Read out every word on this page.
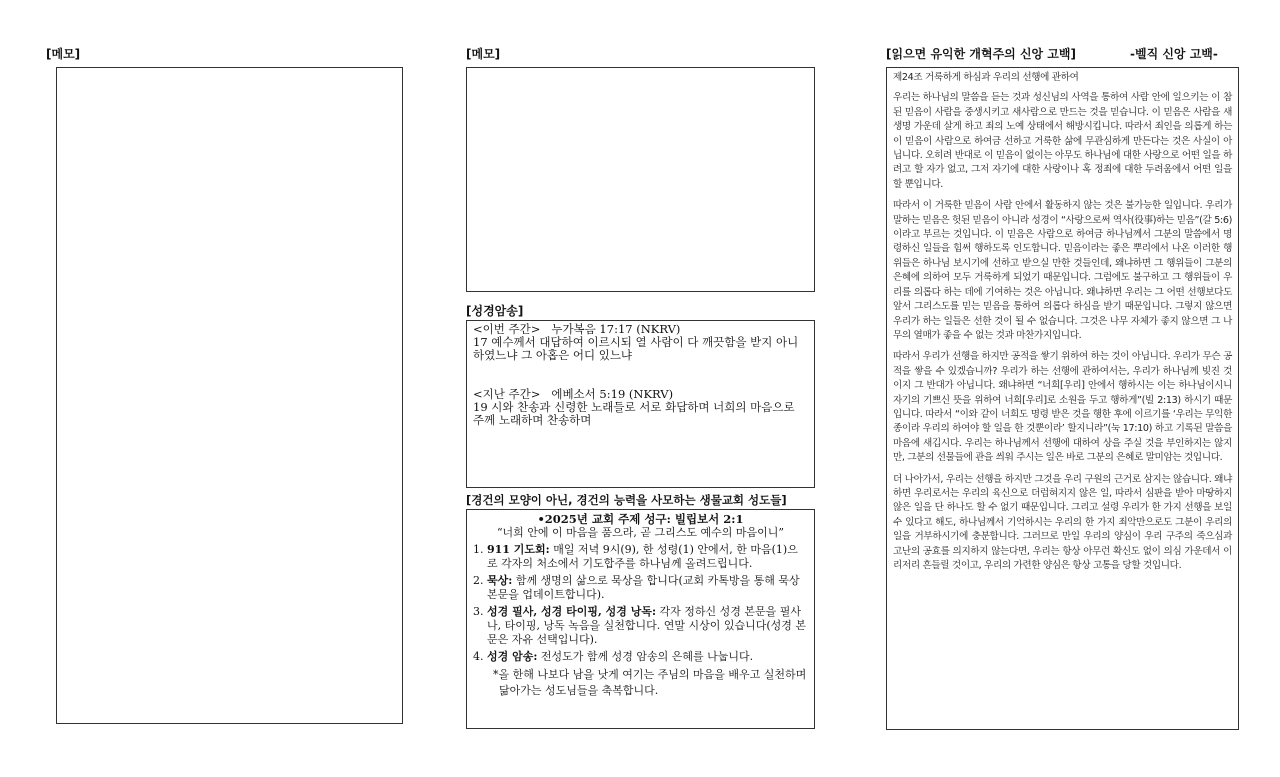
[메모]	[메모]
[성경암송]
<이번 주간> 누가복음 17:17 (NKRV)
17 예수께서 대답하여 이르시되 열 사람이 다 깨끗함을 받지 아니하였느냐 그 아홉은 어디 있느냐
<지난 주간> 에베소서 5:19 (NKRV)
19 시와 찬송과 신령한 노래들로 서로 화답하며 너희의 마음으로 주께 노래하며 찬송하며
[경건의 모양이 아닌, 경건의 능력을 사모하는 생물교회 성도들]
•2025년 교회 주제 성구: 빌립보서 2:1
“너희 안에 이 마음을 품으라, 곧 그리스도 예수의 마음이니”
1. 911 기도회: 매일 저녁 9시(9), 한 성령(1) 안에서, 한 마음(1)으로 각자의 처소에서 기도합주를 하나님께 올려드립니다.
2. 묵상: 함께 생명의 삶으로 묵상을 합니다(교회 카톡방을 통해 묵상 본문을 업데이트합니다).
3. 성경 필사, 성경 타이핑, 성경 낭독: 각자 정하신 성경 본문을 필사나, 타이핑, 낭독 녹음을 실천합니다. 연말 시상이 있습니다(성경 본문은 자유 선택입니다).
4. 성경 암송: 전성도가 함께 성경 암송의 은혜를 나눕니다.
*올 한해 나보다 남을 낫게 여기는 주님의 마음을 배우고 실천하며 닮아가는 성도님들을 축복합니다.
[읽으면 유익한 개혁주의 신앙 고백]	-벨직 신앙 고백-
제24조 거룩하게 하심과 우리의 선행에 관하여

우리는 하나님의 말씀을 듣는 것과 성신님의 사역을 통하여 사람 안에 일으키는 이 참된 믿음이 사람을 중생시키고 새사람으로 만드는 것을 믿습니다. 이 믿음은 사람을 새 생명 가운데 살게 하고 죄의 노예 상태에서 해방시킵니다. 따라서 죄인을 의롭게 하는 이 믿음이 사람으로 하여금 선하고 거룩한 삶에 무관심하게 만든다는 것은 사실이 아닙니다. 오히려 반대로 이 믿음이 없이는 아무도 하나님에 대한 사랑으로 어떤 일을 하려고 할 자가 없고, 그저 자기에 대한 사랑이나 혹 정죄에 대한 두려움에서 어떤 일을 할 뿐입니다.

따라서 이 거룩한 믿음이 사람 안에서 활동하지 않는 것은 불가능한 일입니다. 우리가 말하는 믿음은 헛된 믿음이 아니라 성경이 “사랑으로써 역사(役事)하는 믿음”(갈 5:6)이라고 부르는 것입니다. 이 믿음은 사람으로 하여금 하나님께서 그분의 말씀에서 명령하신 일들을 힘써 행하도록 인도합니다. 믿음이라는 좋은 뿌리에서 나온 이러한 행위들은 하나님 보시기에 선하고 받으실 만한 것들인데, 왜냐하면 그 행위들이 그분의 은혜에 의하여 모두 거룩하게 되었기 때문입니다. 그럼에도 불구하고 그 행위들이 우리를 의롭다 하는 데에 기여하는 것은 아닙니다. 왜냐하면 우리는 그 어떤 선행보다도 앞서 그리스도를 믿는 믿음을 통하여 의롭다 하심을 받기 때문입니다. 그렇지 않으면 우리가 하는 일들은 선한 것이 될 수 없습니다. 그것은 나무 자체가 좋지 않으면 그 나무의 열매가 좋을 수 없는 것과 마찬가지입니다.

따라서 우리가 선행을 하지만 공적을 쌓기 위하여 하는 것이 아닙니다. 우리가 무슨 공적을 쌓을 수 있겠습니까? 우리가 하는 선행에 관하여서는, 우리가 하나님께 빚진 것이지 그 반대가 아닙니다. 왜냐하면 “너희[우리] 안에서 행하시는 이는 하나님이시니 자기의 기쁘신 뜻을 위하여 너희[우리]로 소원을 두고 행하게”(빌 2:13) 하시기 때문입니다. 따라서 “이와 같이 너희도 명령 받은 것을 행한 후에 이르기를 ‘우리는 무익한 종이라 우리의 하여야 할 일을 한 것뿐이라’ 할지니라”(눅 17:10) 하고 기록된 말씀을 마음에 새깁시다. 우리는 하나님께서 선행에 대하여 상을 주실 것을 부인하지는 않지만, 그분의 선물들에 관을 씌워 주시는 일은 바로 그분의 은혜로 말미암는 것입니다.

더 나아가서, 우리는 선행을 하지만 그것을 우리 구원의 근거로 삼지는 않습니다. 왜냐하면 우리로서는 우리의 육신으로 더럽혀지지 않은 일, 따라서 심판을 받아 마땅하지 않은 일을 단 하나도 할 수 없기 때문입니다. 그리고 설령 우리가 한 가지 선행을 보일 수 있다고 해도, 하나님께서 기억하시는 우리의 한 가지 죄악만으로도 그분이 우리의 일을 거부하시기에 충분합니다. 그러므로 만일 우리의 양심이 우리 구주의 죽으심과 고난의 공효를 의지하지 않는다면, 우리는 항상 아무런 확신도 없이 의심 가운데서 이리저리 흔들릴 것이고, 우리의 가련한 양심은 항상 고통을 당할 것입니다.
